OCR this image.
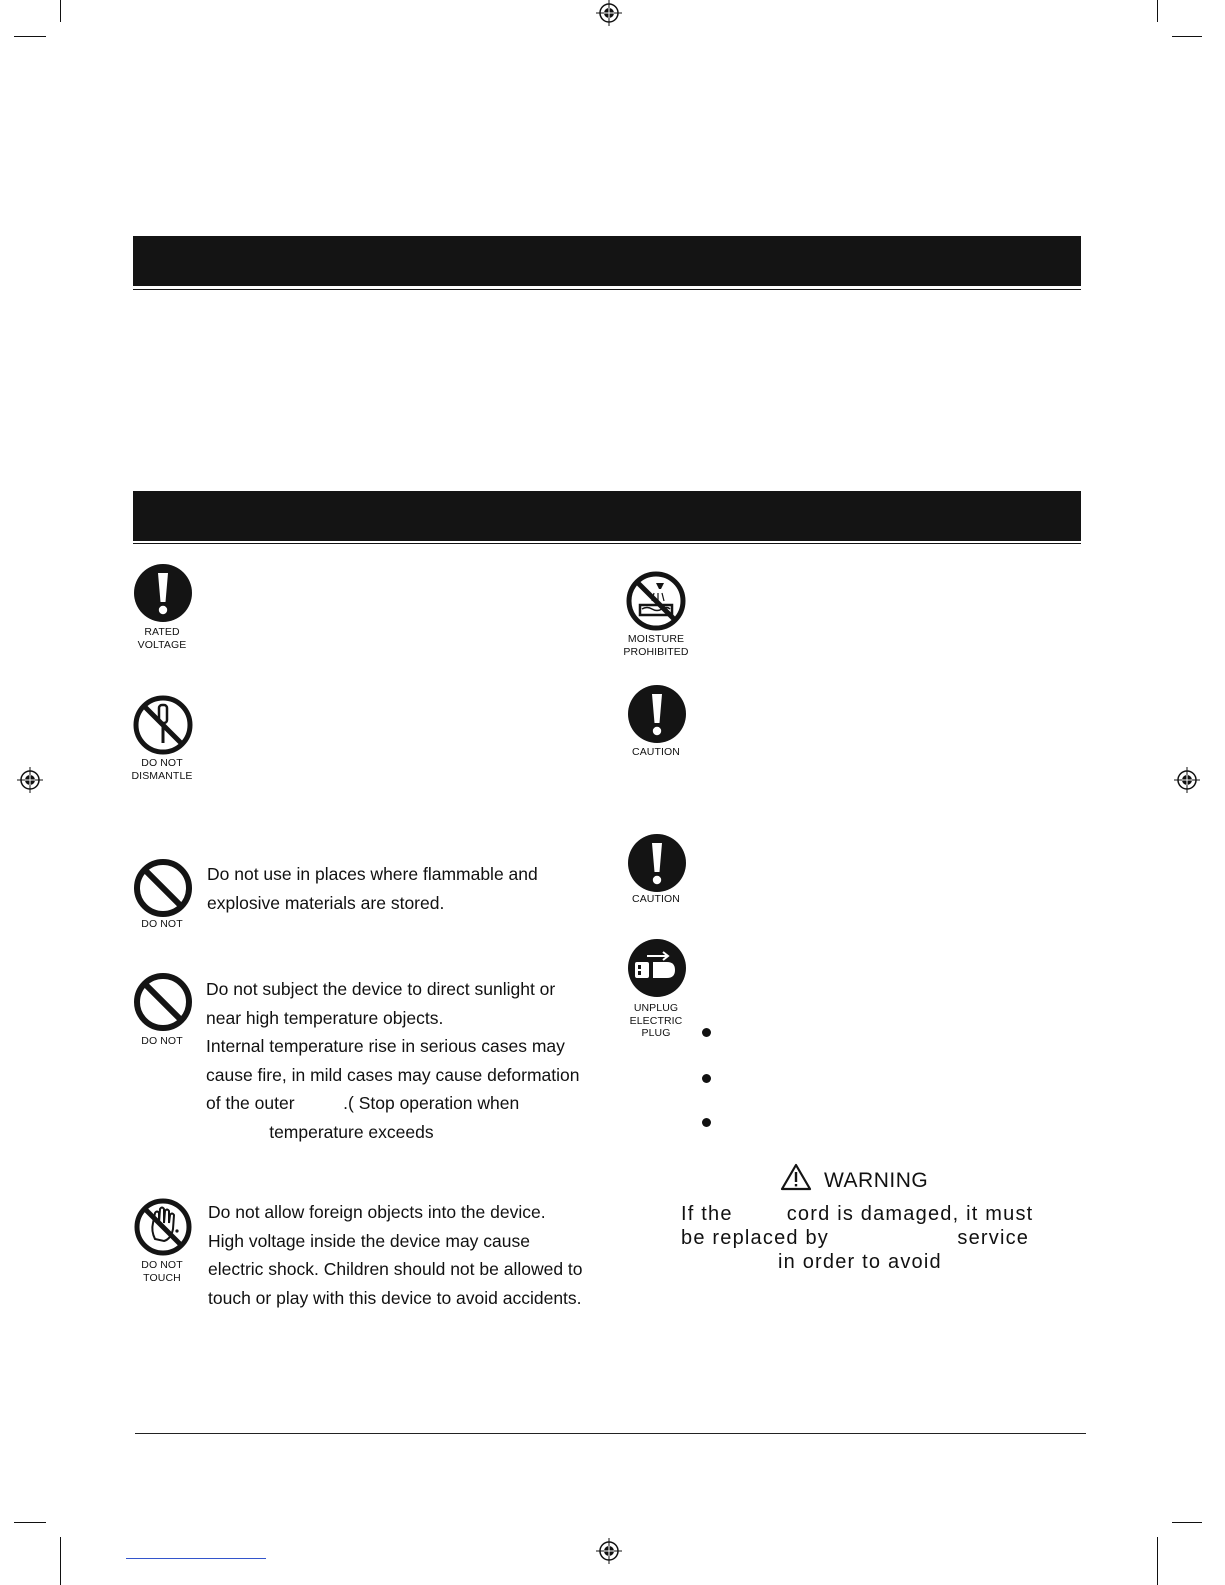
RATED
VOLTAGE
DO NOT
DISMANTLE
DO NOT
Do not use in places where flammable and
explosive materials are stored.
DO NOT
Do not subject the device to direct sunlight or
near high temperature objects.
Internal temperature rise in serious cases may
cause fire, in mild cases may cause deformation
of the outer          .( Stop operation when
temperature exceeds
DO NOT
TOUCH
Do not allow foreign objects into the device.
High voltage inside the device may cause
electric shock. Children should not be allowed to
touch or play with this device to avoid accidents.
MOISTURE
PROHIBITED
CAUTION
CAUTION
UNPLUG
ELECTRIC
PLUG
WARNING
If the        cord is damaged, it must
be replaced by                   service
in order to avoid
